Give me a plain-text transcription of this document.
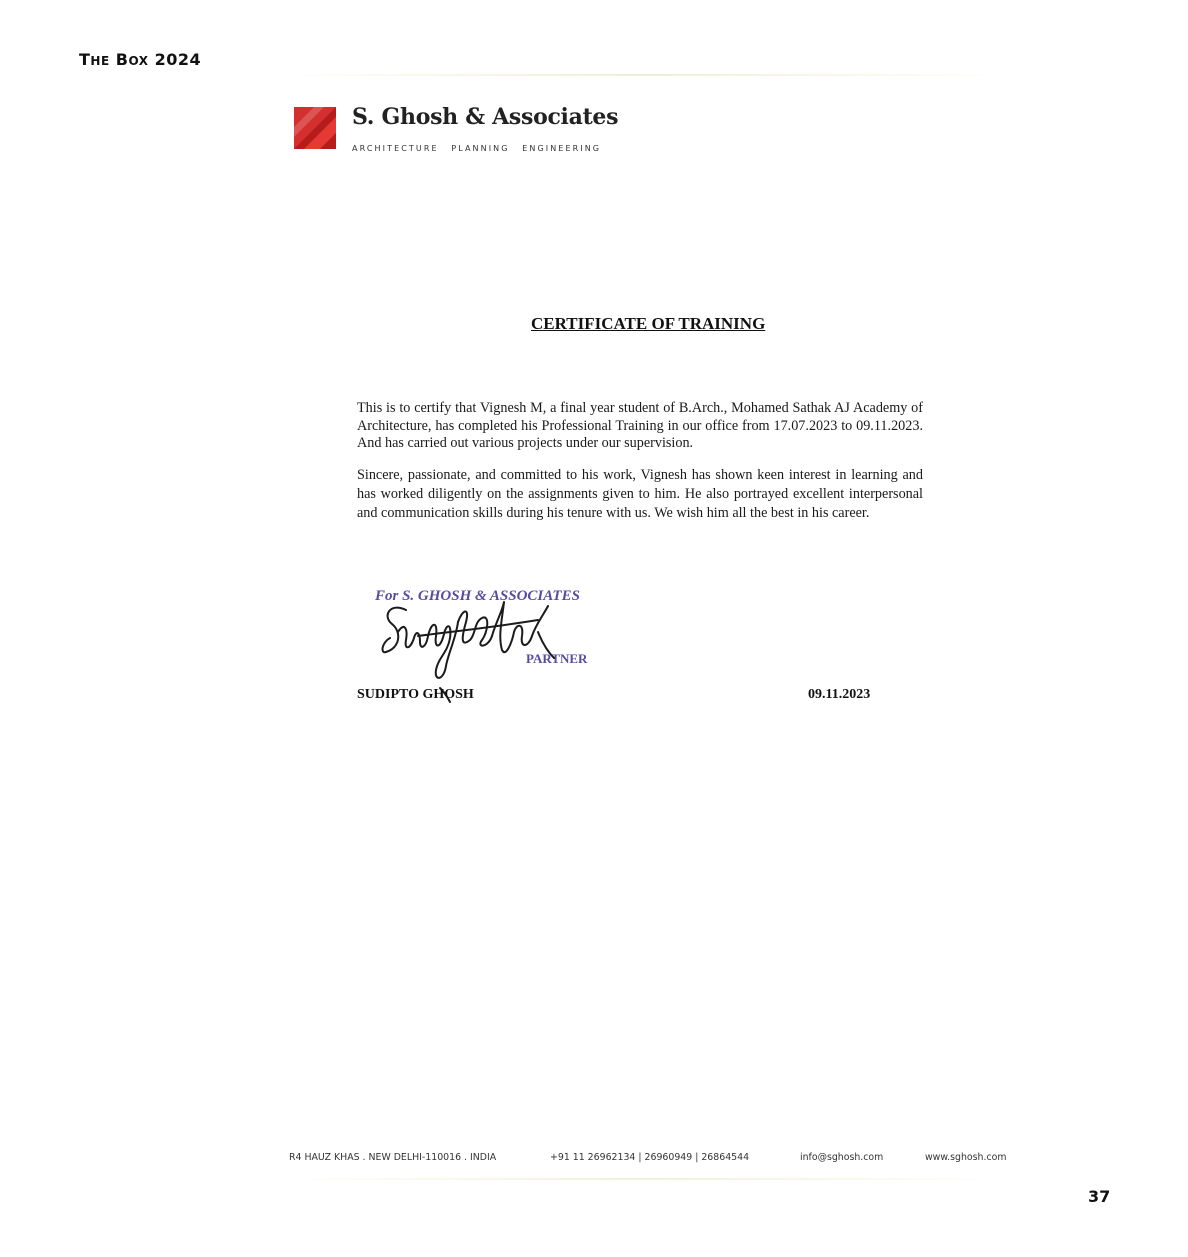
THE BOX 2024
S. Ghosh & Associates
ARCHITECTURE PLANNING ENGINEERING
CERTIFICATE OF TRAINING

This is to certify that Vignesh M, a final year student of B.Arch., Mohamed Sathak AJ Academy of Architecture, has completed his Professional Training in our office from 17.07.2023 to 09.11.2023. And has carried out various projects under our supervision.

Sincere, passionate, and committed to his work, Vignesh has shown keen interest in learning and has worked diligently on the assignments given to him. He also portrayed excellent interpersonal and communication skills during his tenure with us. We wish him all the best in his career.

For S. GHOSH & ASSOCIATES
PARTNER
SUDIPTO GHOSH	09.11.2023
R4 HAUZ KHAS . NEW DELHI-110016 . INDIA	+91 11 26962134 | 26960949 | 26864544	info@sghosh.com	www.sghosh.com
37
